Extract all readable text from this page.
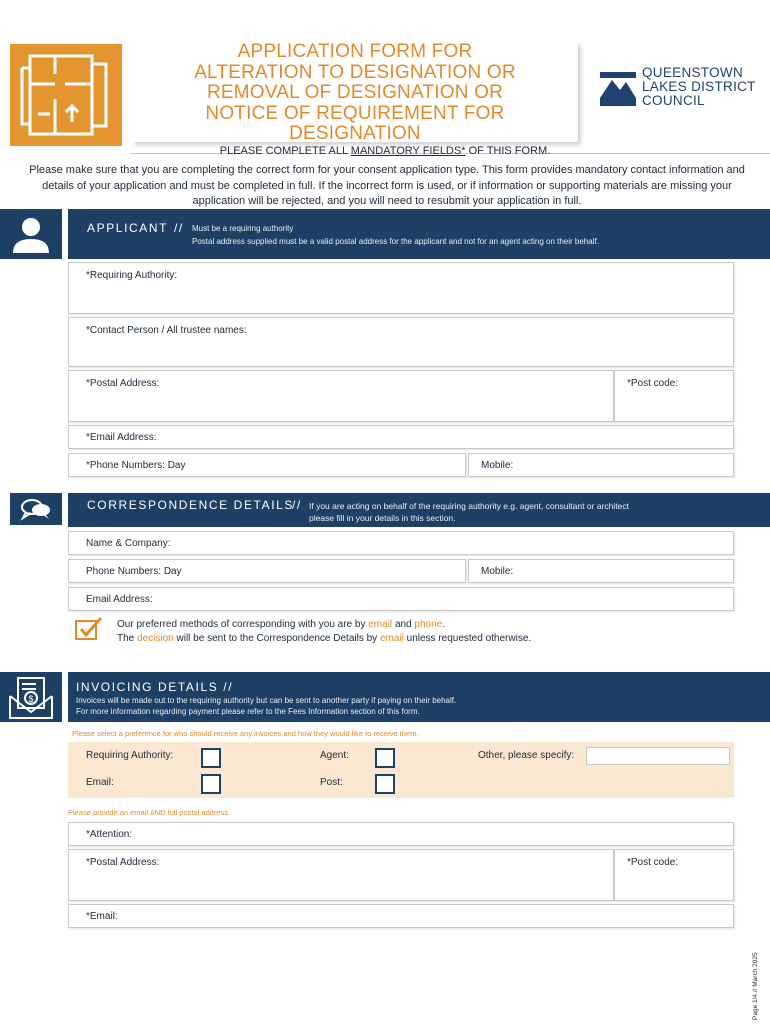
APPLICATION FORM FOR
ALTERATION TO DESIGNATION OR
REMOVAL OF DESIGNATION OR
NOTICE OF REQUIREMENT FOR
DESIGNATION
QUEENSTOWN
LAKES DISTRICT
COUNCIL
PLEASE COMPLETE ALL MANDATORY FIELDS* OF THIS FORM.
Please make sure that you are completing the correct form for your consent application type. This form provides mandatory contact information and details of your application and must be completed in full. If the incorrect form is used, or if information or supporting materials are missing your application will be rejected, and you will need to resubmit your application in full.
APPLICANT // Must be a requiring authority
Postal address supplied must be a valid postal address for the applicant and not for an agent acting on their behalf.
*Requiring Authority:
*Contact Person / All trustee names:
*Postal Address:	*Post code:
*Email Address:
*Phone Numbers: Day	Mobile:
CORRESPONDENCE DETAILS
// If you are acting on behalf of the requiring authority e.g. agent, consultant or architect
please fill in your details in this section.
Name & Company:
Phone Numbers: Day	Mobile:
Email Address:
Our preferred methods of corresponding with you are by email and phone.
The decision will be sent to the Correspondence Details by email unless requested otherwise.
$
INVOICING DETAILS //
Invoices will be made out to the requiring authority but can be sent to another party if paying on their behalf.
For more information regarding payment please refer to the Fees Information section of this form.
Please select a preference for who should receive any invoices and how they would like to receive them.
Requiring Authority:	Agent:	Other, please specify:
Email:	Post:
Please provide an email AND full postal address.
*Attention:
*Postal Address:	*Post code:
*Email:
Page 1/4 // March 2025
